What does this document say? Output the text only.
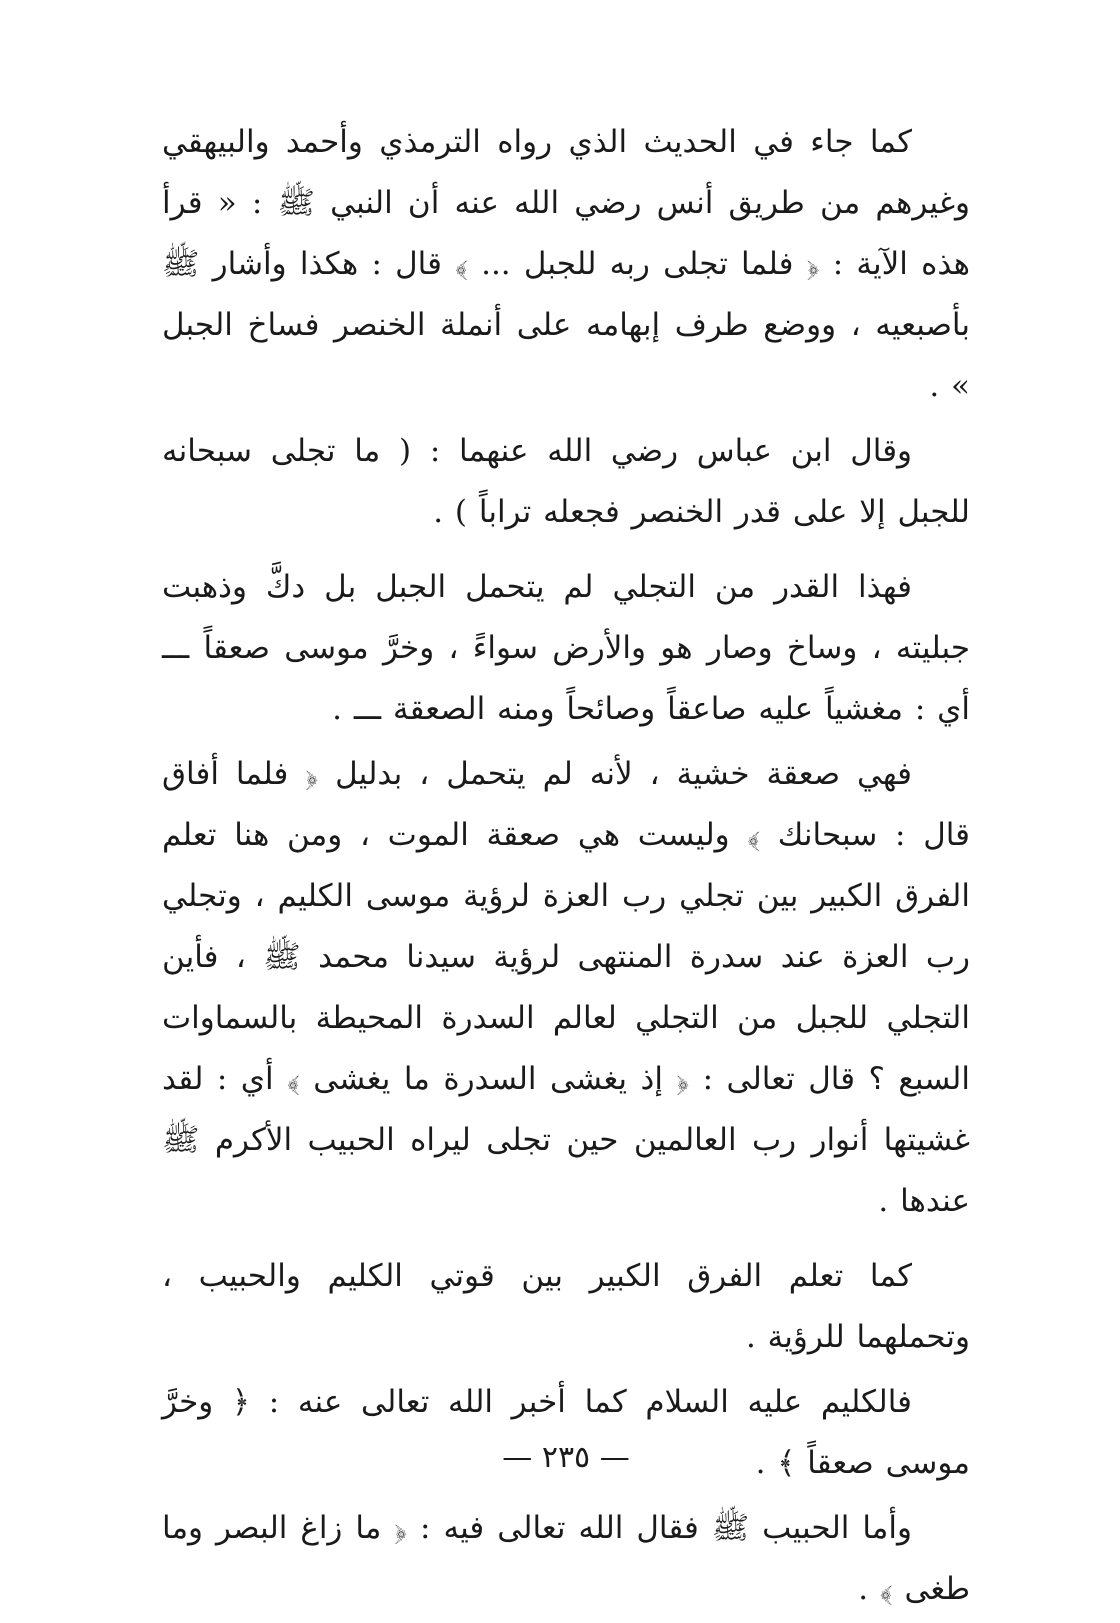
كما جاء في الحديث الذي رواه الترمذي وأحمد والبيهقي وغيرهم من طريق أنس رضي الله عنه أن النبي ﷺ : « قرأ هذه الآية : ﴿ فلما تجلى ربه للجبل ... ﴾ قال : هكذا وأشار ﷺ بأصبعيه ، ووضع طرف إبهامه على أنملة الخنصر فساخ الجبل » .

وقال ابن عباس رضي الله عنهما : ( ما تجلى سبحانه للجبل إلا على قدر الخنصر فجعله تراباً ) .

فهذا القدر من التجلي لم يتحمل الجبل بل دكَّ وذهبت جبليته ، وساخ وصار هو والأرض سواءً ، وخرَّ موسى صعقاً ـــ أي : مغشياً عليه صاعقاً وصائحاً ومنه الصعقة ـــ .

فهي صعقة خشية ، لأنه لم يتحمل ، بدليل ﴿ فلما أفاق قال : سبحانك ﴾ وليست هي صعقة الموت ، ومن هنا تعلم الفرق الكبير بين تجلي رب العزة لرؤية موسى الكليم ، وتجلي رب العزة عند سدرة المنتهى لرؤية سيدنا محمد ﷺ ، فأين التجلي للجبل من التجلي لعالم السدرة المحيطة بالسماوات السبع ؟ قال تعالى : ﴿ إذ يغشى السدرة ما يغشى ﴾ أي : لقد غشيتها أنوار رب العالمين حين تجلى ليراه الحبيب الأكرم ﷺ عندها .

كما تعلم الفرق الكبير بين قوتي الكليم والحبيب ، وتحملهما للرؤية .

فالكليم عليه السلام كما أخبر الله تعالى عنه : ﴿ وخرَّ موسى صعقاً ﴾ .

وأما الحبيب ﷺ فقال الله تعالى فيه : ﴿ ما زاغ البصر وما طغى ﴾ .

— ٢٣٥ —
